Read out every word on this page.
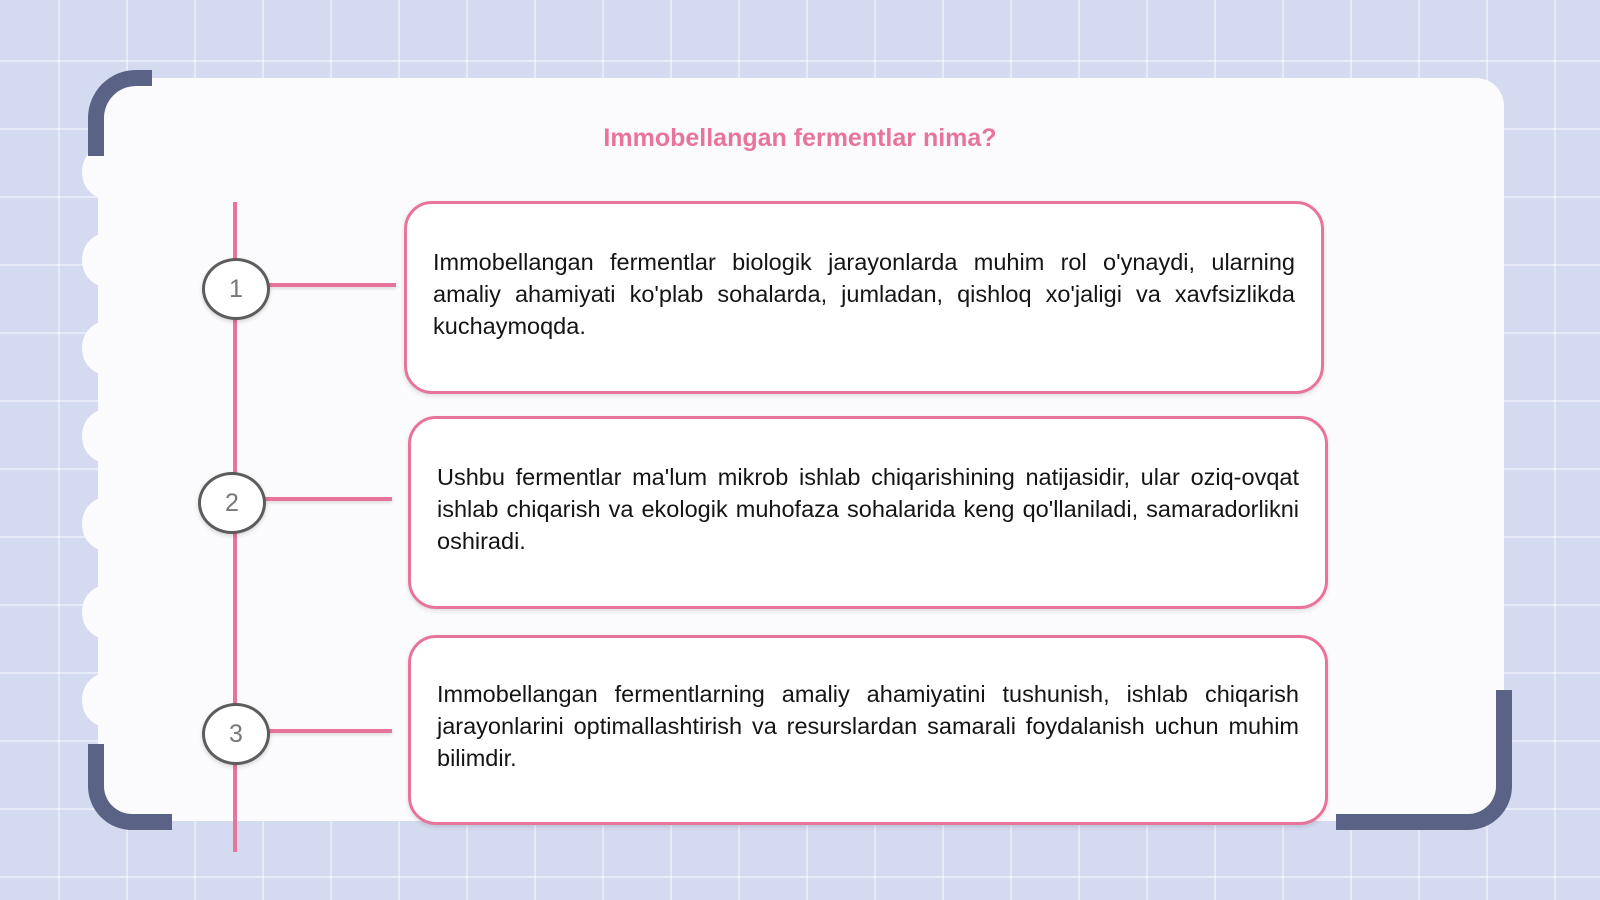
Immobellangan fermentlar nima?
1
Immobellangan fermentlar biologik jarayonlarda muhim rol o'ynaydi, ularning amaliy ahamiyati ko'plab sohalarda, jumladan, qishloq xo'jaligi va xavfsizlikda kuchaymoqda.
2
Ushbu fermentlar ma'lum mikrob ishlab chiqarishining natijasidir, ular oziq-ovqat ishlab chiqarish va ekologik muhofaza sohalarida keng qo'llaniladi, samaradorlikni oshiradi.
3
Immobellangan fermentlarning amaliy ahamiyatini tushunish, ishlab chiqarish jarayonlarini optimallashtirish va resurslardan samarali foydalanish uchun muhim bilimdir.
